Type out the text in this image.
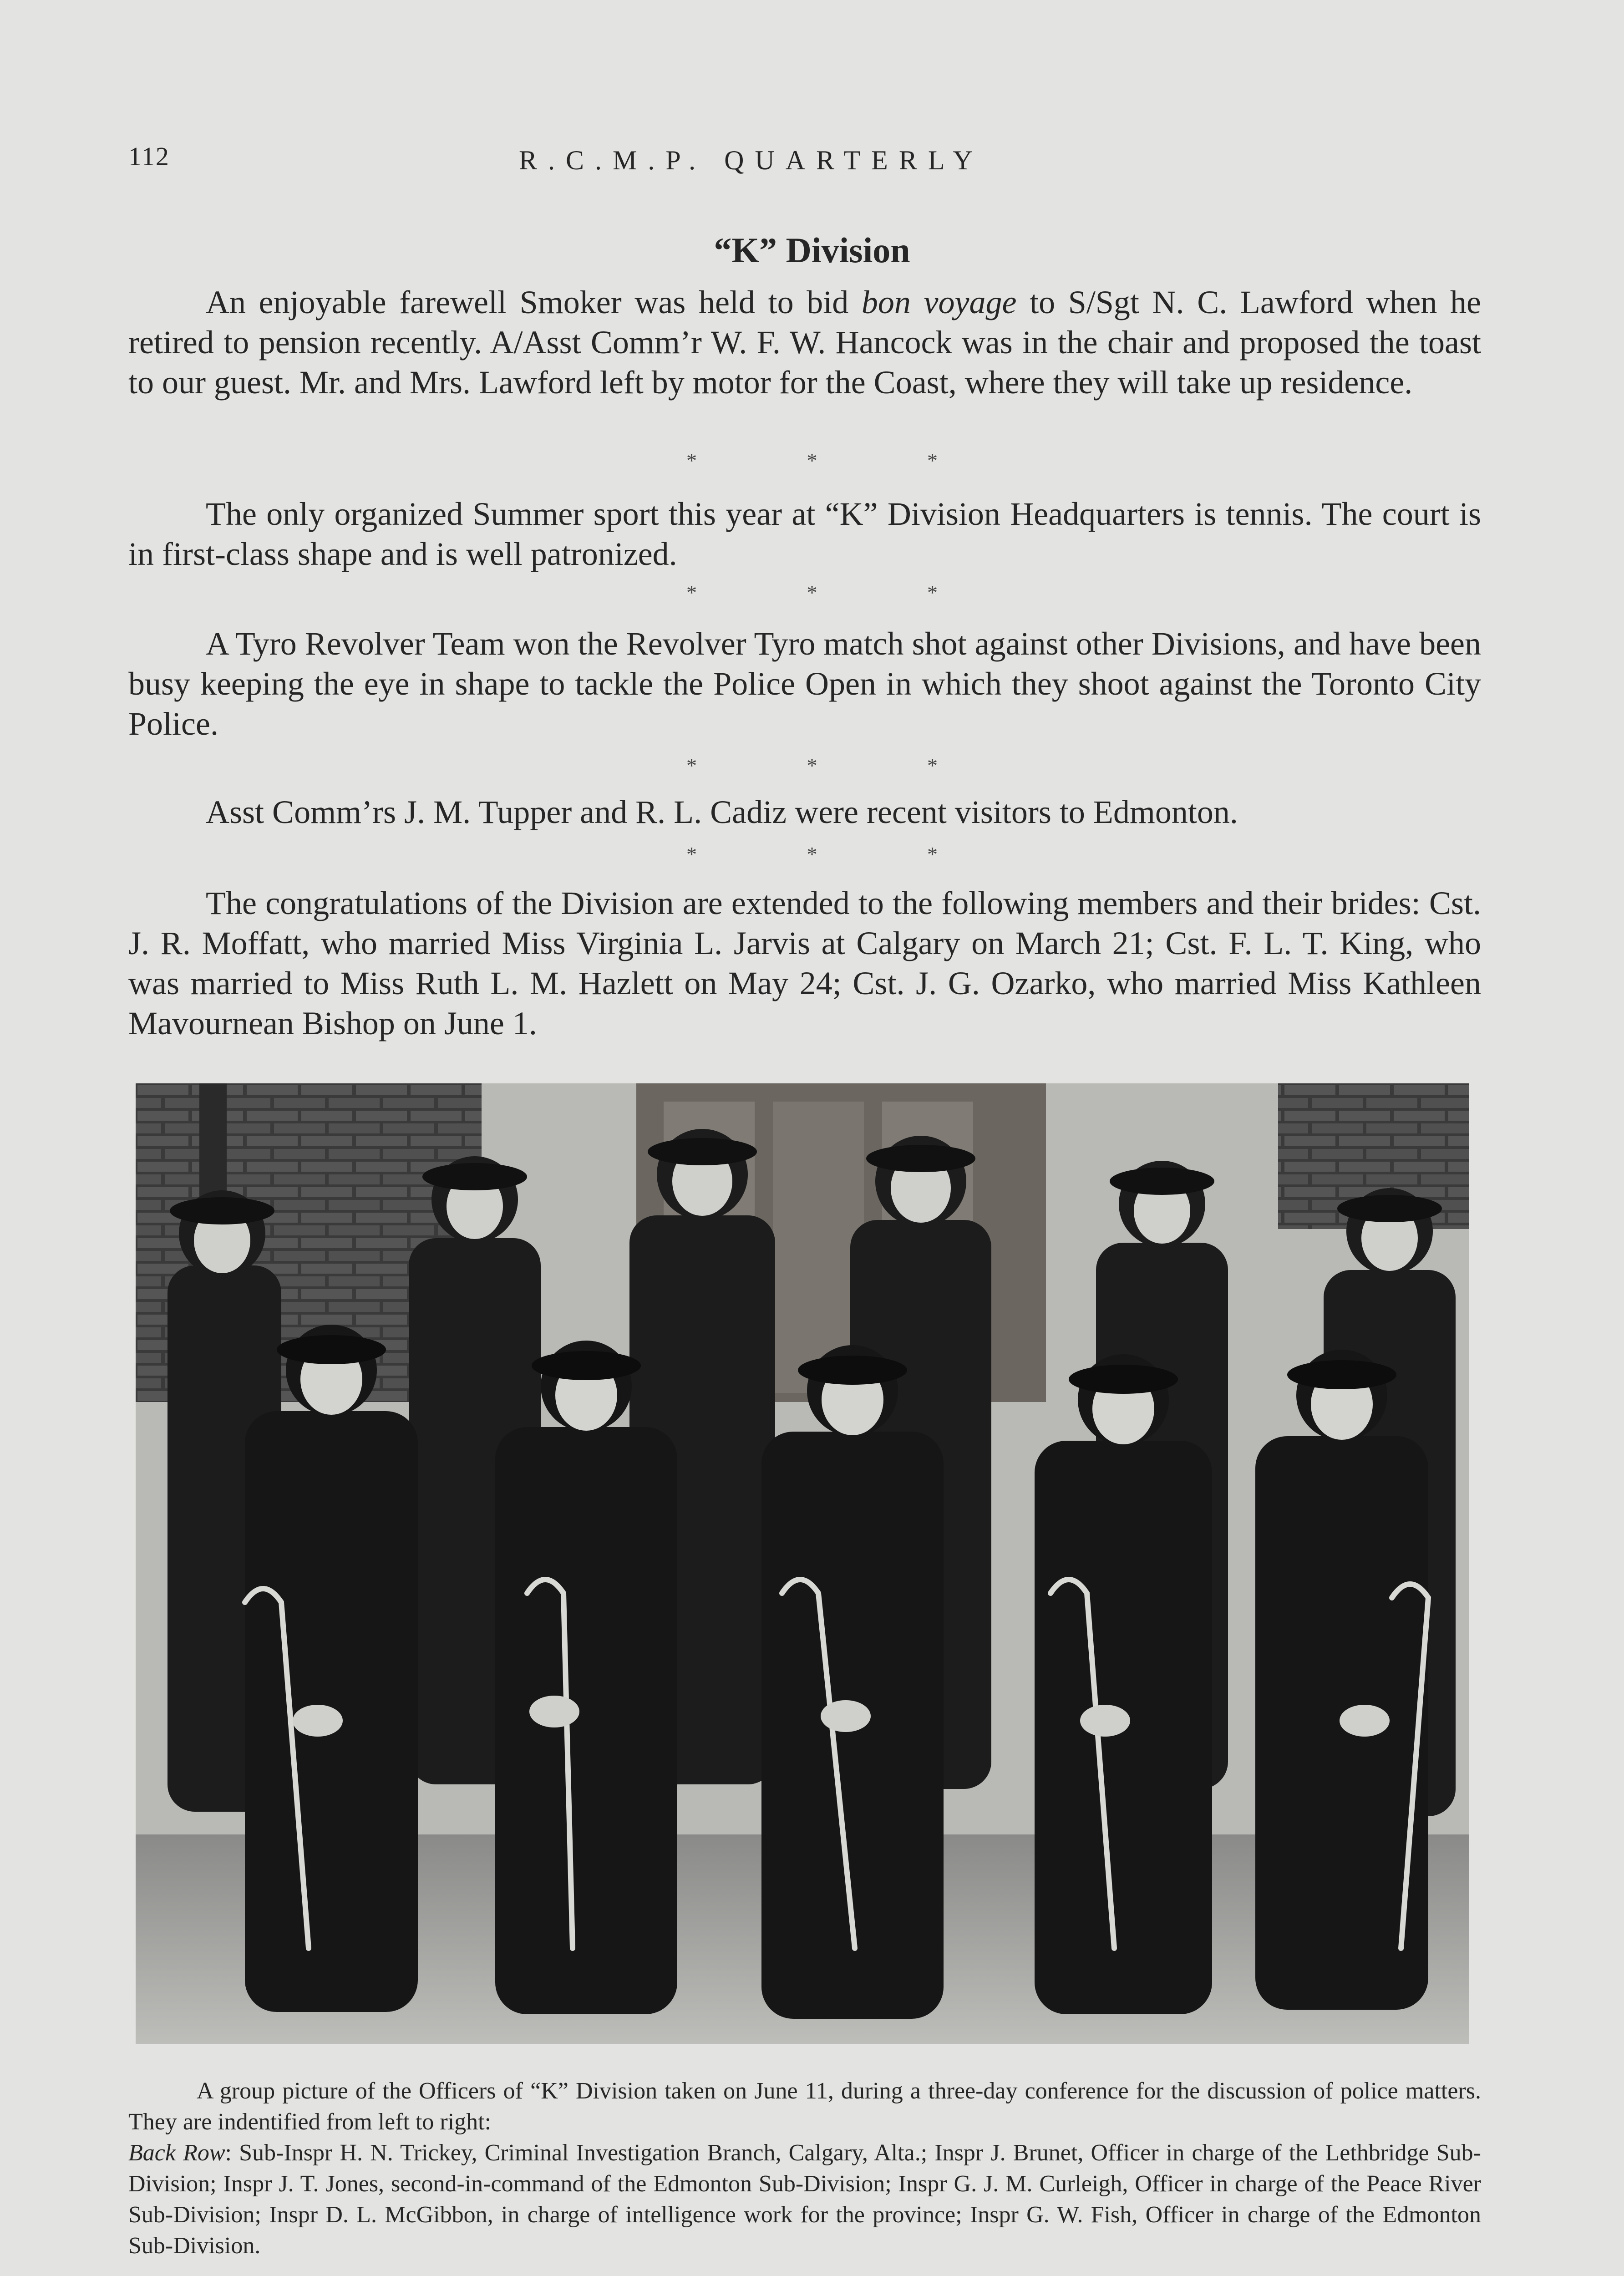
112	R.C.M.P. QUARTERLY
“K” Division

An enjoyable farewell Smoker was held to bid bon voyage to S/Sgt N. C. Lawford when he retired to pension recently. A/Asst Comm’r W. F. W. Hancock was in the chair and proposed the toast to our guest. Mr. and Mrs. Lawford left by motor for the Coast, where they will take up residence.

* * *

The only organized Summer sport this year at “K” Division Headquarters is tennis. The court is in first-class shape and is well patronized.

* * *

A Tyro Revolver Team won the Revolver Tyro match shot against other Divisions, and have been busy keeping the eye in shape to tackle the Police Open in which they shoot against the Toronto City Police.

* * *

Asst Comm’rs J. M. Tupper and R. L. Cadiz were recent visitors to Edmonton.

* * *

The congratulations of the Division are extended to the following members and their brides: Cst. J. R. Moffatt, who married Miss Virginia L. Jarvis at Calgary on March 21; Cst. F. L. T. King, who was married to Miss Ruth L. M. Hazlett on May 24; Cst. J. G. Ozarko, who married Miss Kathleen Mavournean Bishop on June 1.

A group picture of the Officers of “K” Division taken on June 11, during a three-day conference for the discussion of police matters. They are indentified from left to right:

Back Row: Sub-Inspr H. N. Trickey, Criminal Investigation Branch, Calgary, Alta.; Inspr J. Brunet, Officer in charge of the Lethbridge Sub-Division; Inspr J. T. Jones, second-in-command of the Edmonton Sub-Division; Inspr G. J. M. Curleigh, Officer in charge of the Peace River Sub-Division; Inspr D. L. McGibbon, in charge of intelligence work for the province; Inspr G. W. Fish, Officer in charge of the Edmonton Sub-Division.
